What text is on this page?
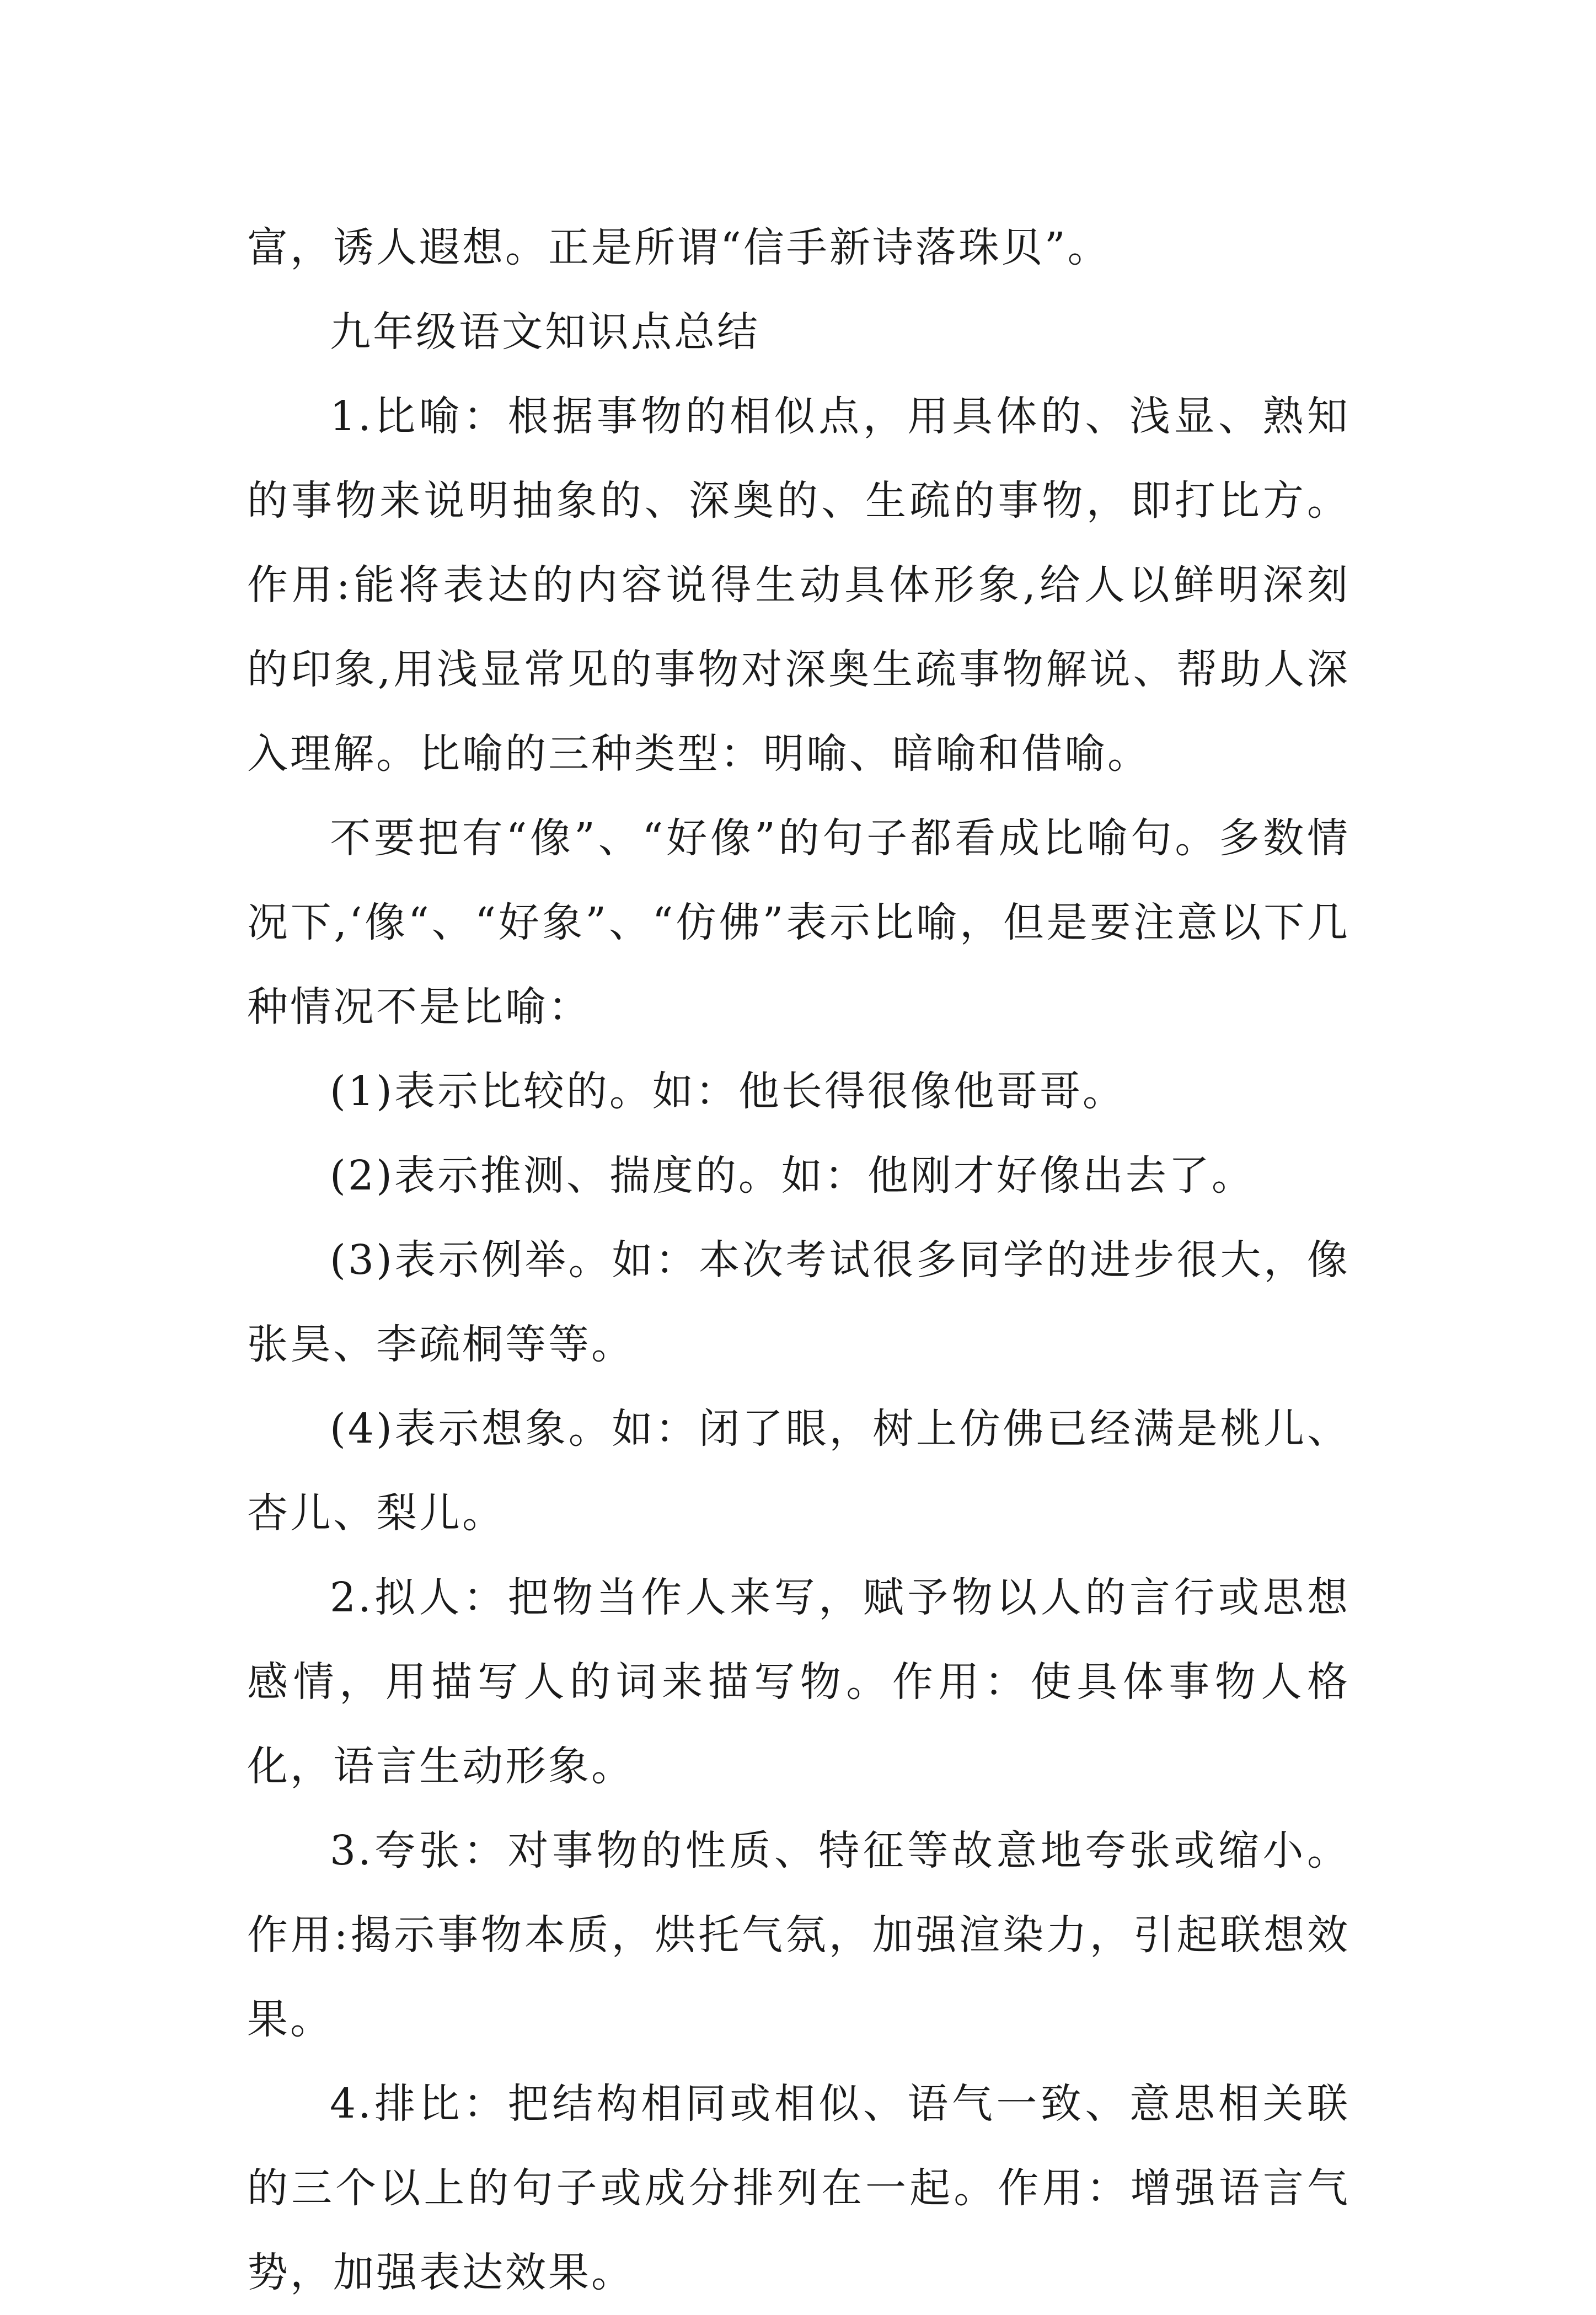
富，诱人遐想。正是所谓“信手新诗落珠贝”。

九年级语文知识点总结

1.比喻：根据事物的相似点，用具体的、浅显、熟知的事物来说明抽象的、深奥的、生疏的事物，即打比方。作用:能将表达的内容说得生动具体形象,给人以鲜明深刻的印象,用浅显常见的事物对深奥生疏事物解说、帮助人深入理解。比喻的三种类型：明喻、暗喻和借喻。

不要把有“像”、“好像”的句子都看成比喻句。多数情况下,‘像“、“好象”、“仿佛”表示比喻，但是要注意以下几种情况不是比喻：

(1)表示比较的。如：他长得很像他哥哥。

(2)表示推测、揣度的。如：他刚才好像出去了。

(3)表示例举。如：本次考试很多同学的进步很大，像张昊、李疏桐等等。

(4)表示想象。如：闭了眼，树上仿佛已经满是桃儿、杏儿、梨儿。

2.拟人：把物当作人来写，赋予物以人的言行或思想感情，用描写人的词来描写物。作用：使具体事物人格化，语言生动形象。

3.夸张：对事物的性质、特征等故意地夸张或缩小。作用:揭示事物本质，烘托气氛，加强渲染力，引起联想效果。

4.排比：把结构相同或相似、语气一致、意思相关联的三个以上的句子或成分排列在一起。作用：增强语言气势，加强表达效果。
